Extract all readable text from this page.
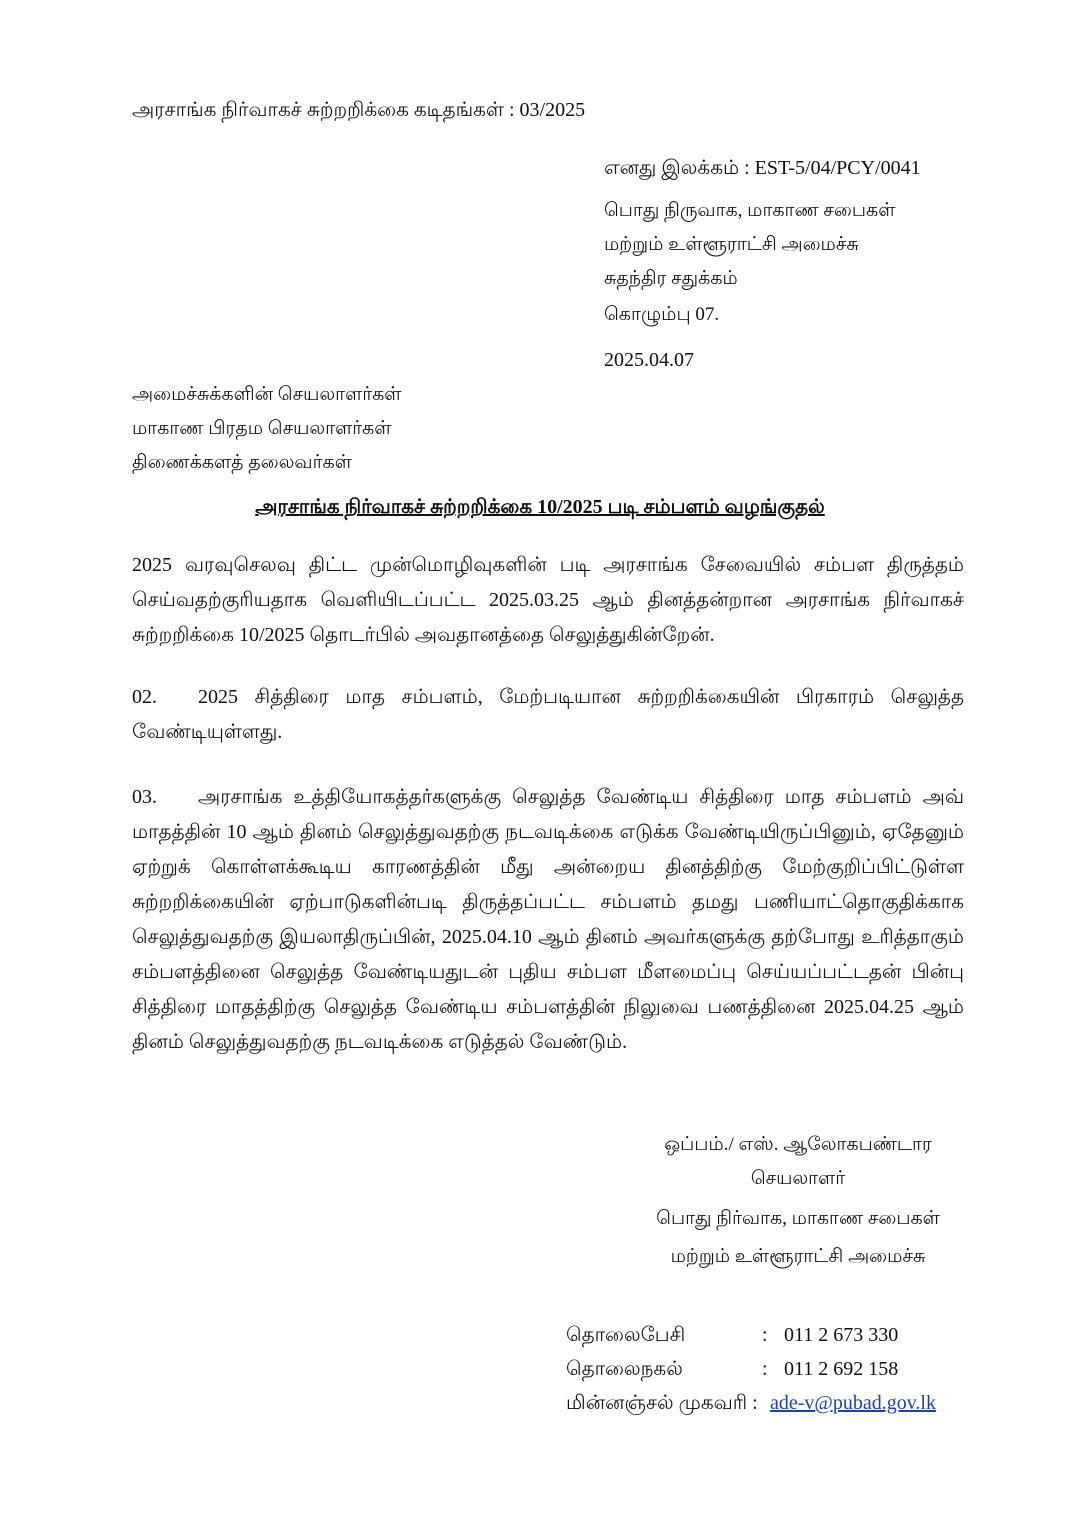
அரசாங்க நிர்வாகச் சுற்றறிக்கை கடிதங்கள் : 03/2025
எனது இலக்கம் : EST-5/04/PCY/0041
பொது நிருவாக, மாகாண சபைகள்
மற்றும் உள்ளூராட்சி அமைச்சு
சுதந்திர சதுக்கம்
கொழும்பு 07.
2025.04.07
அமைச்சுக்களின் செயலாளர்கள்
மாகாண பிரதம செயலாளர்கள்
திணைக்களத் தலைவர்கள்
அரசாங்க நிர்வாகச் சுற்றறிக்கை 10/2025 படி சம்பளம் வழங்குதல்
2025 வரவுசெலவு திட்ட முன்மொழிவுகளின் படி அரசாங்க சேவையில் சம்பள திருத்தம் செய்வதற்குரியதாக வெளியிடப்பட்ட 2025.03.25 ஆம் தினத்தன்றான அரசாங்க நிர்வாகச் சுற்றறிக்கை 10/2025 தொடர்பில் அவதானத்தை செலுத்துகின்றேன்.
02. 2025 சித்திரை மாத சம்பளம், மேற்படியான சுற்றறிக்கையின் பிரகாரம் செலுத்த வேண்டியுள்ளது.
03. அரசாங்க உத்தியோகத்தர்களுக்கு செலுத்த வேண்டிய சித்திரை மாத சம்பளம் அவ் மாதத்தின் 10 ஆம் தினம் செலுத்துவதற்கு நடவடிக்கை எடுக்க வேண்டியிருப்பினும், ஏதேனும் ஏற்றுக் கொள்ளக்கூடிய காரணத்தின் மீது அன்றைய தினத்திற்கு மேற்குறிப்பிட்டுள்ள சுற்றறிக்கையின் ஏற்பாடுகளின்படி திருத்தப்பட்ட சம்பளம் தமது பணியாட்தொகுதிக்காக செலுத்துவதற்கு இயலாதிருப்பின், 2025.04.10 ஆம் தினம் அவர்களுக்கு தற்போது உரித்தாகும் சம்பளத்தினை செலுத்த வேண்டியதுடன் புதிய சம்பள மீளமைப்பு செய்யப்பட்டதன் பின்பு சித்திரை மாதத்திற்கு செலுத்த வேண்டிய சம்பளத்தின் நிலுவை பணத்தினை 2025.04.25 ஆம் தினம் செலுத்துவதற்கு நடவடிக்கை எடுத்தல் வேண்டும்.
ஒப்பம்./ எஸ். ஆலோகபண்டார
செயலாளர்
பொது நிர்வாக, மாகாண சபைகள்
மற்றும் உள்ளூராட்சி அமைச்சு
தொலைபேசி	: 011 2 673 330
தொலைநகல்	: 011 2 692 158
மின்னஞ்சல் முகவரி : ade-v@pubad.gov.lk
